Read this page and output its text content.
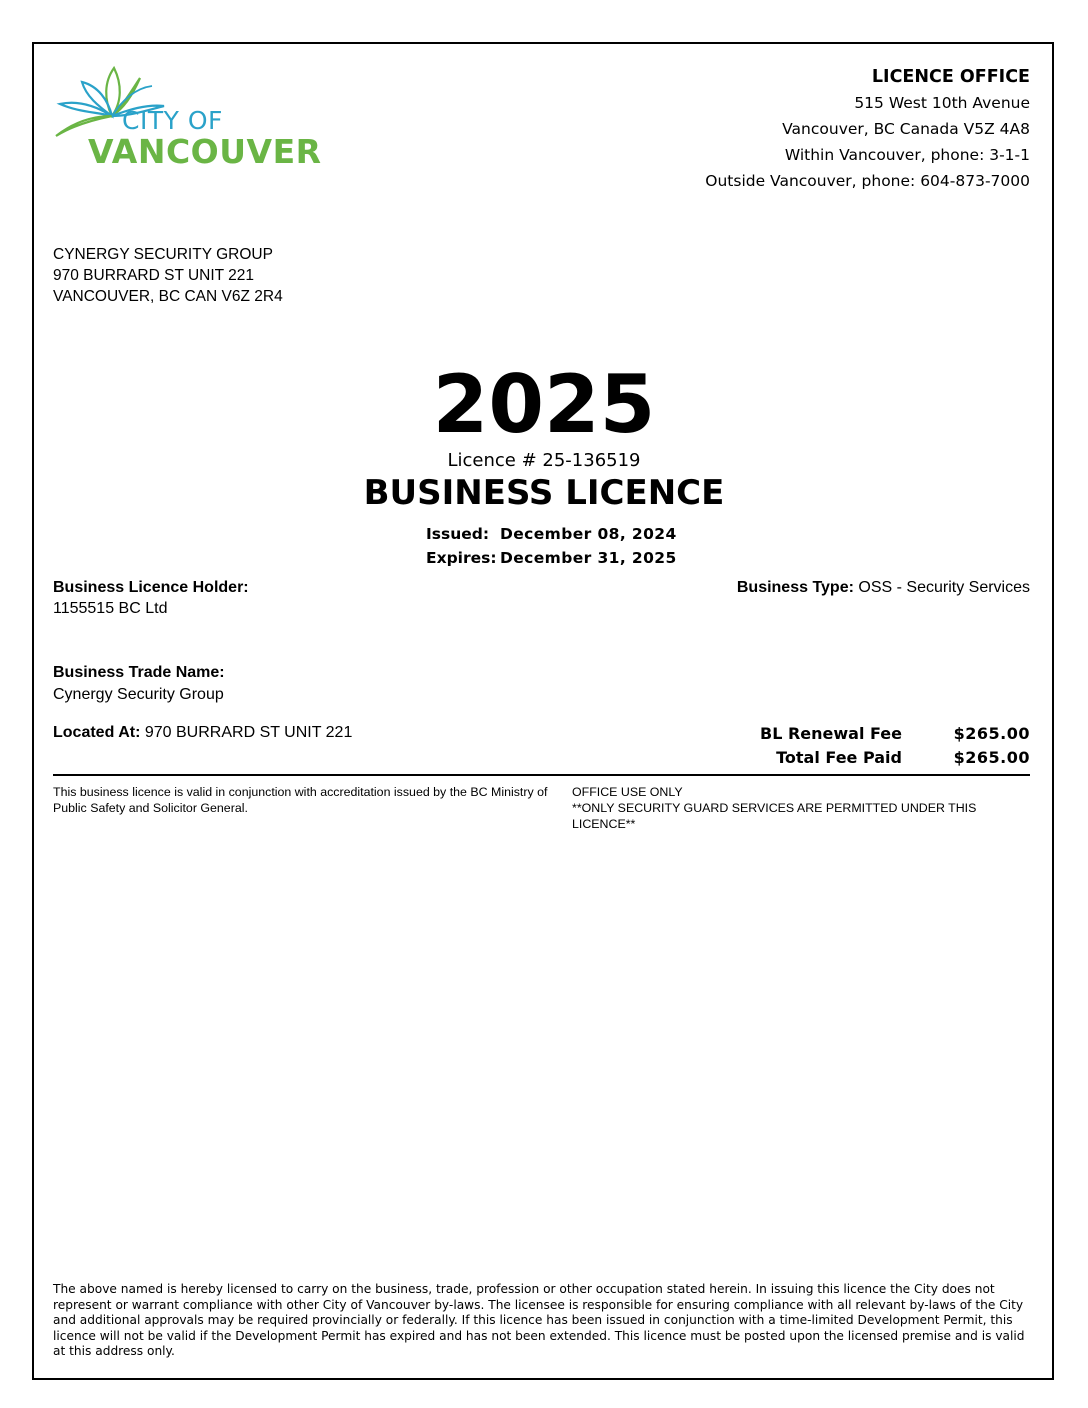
CITY OF
VANCOUVER
LICENCE OFFICE
515 West 10th Avenue
Vancouver, BC Canada V5Z 4A8
Within Vancouver, phone: 3-1-1
Outside Vancouver, phone: 604-873-7000
CYNERGY SECURITY GROUP
970 BURRARD ST UNIT 221
VANCOUVER, BC CAN V6Z 2R4
2025
Licence # 25-136519
BUSINESS LICENCE
Issued: December 08, 2024
Expires: December 31, 2025
Business Licence Holder:
1155515 BC Ltd
Business Type: OSS - Security Services
Business Trade Name:
Cynergy Security Group
Located At: 970 BURRARD ST UNIT 221	BL Renewal Fee	$265.00
Total Fee Paid	$265.00
This business licence is valid in conjunction with accreditation issued by the BC Ministry of Public Safety and Solicitor General.
OFFICE USE ONLY
**ONLY SECURITY GUARD SERVICES ARE PERMITTED UNDER THIS LICENCE**
The above named is hereby licensed to carry on the business, trade, profession or other occupation stated herein. In issuing this licence the City does not represent or warrant compliance with other City of Vancouver by-laws. The licensee is responsible for ensuring compliance with all relevant by-laws of the City and additional approvals may be required provincially or federally. If this licence has been issued in conjunction with a time-limited Development Permit, this licence will not be valid if the Development Permit has expired and has not been extended. This licence must be posted upon the licensed premise and is valid at this address only.
